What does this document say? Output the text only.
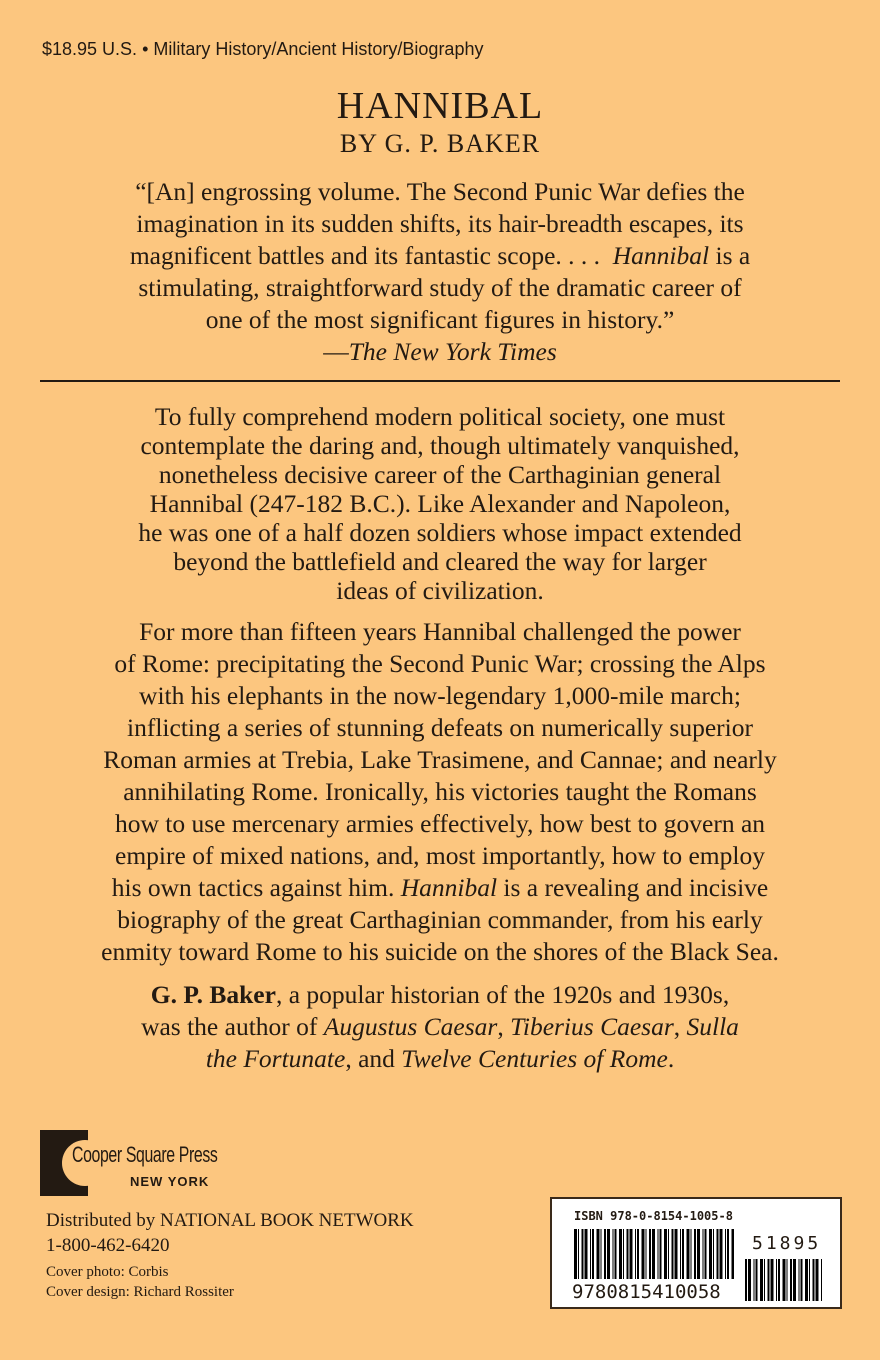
$18.95 U.S. • Military History/Ancient History/Biography
HANNIBAL
BY G. P. BAKER
“[An] engrossing volume. The Second Punic War defies the
imagination in its sudden shifts, its hair-breadth escapes, its
magnificent battles and its fantastic scope. . . .  Hannibal is a
stimulating, straightforward study of the dramatic career of
one of the most significant figures in history.”
—The New York Times
To fully comprehend modern political society, one must
contemplate the daring and, though ultimately vanquished,
nonetheless decisive career of the Carthaginian general
Hannibal (247-182 B.C.). Like Alexander and Napoleon,
he was one of a half dozen soldiers whose impact extended
beyond the battlefield and cleared the way for larger
ideas of civilization.
For more than fifteen years Hannibal challenged the power
of Rome: precipitating the Second Punic War; crossing the Alps
with his elephants in the now-legendary 1,000-mile march;
inflicting a series of stunning defeats on numerically superior
Roman armies at Trebia, Lake Trasimene, and Cannae; and nearly
annihilating Rome. Ironically, his victories taught the Romans
how to use mercenary armies effectively, how best to govern an
empire of mixed nations, and, most importantly, how to employ
his own tactics against him. Hannibal is a revealing and incisive
biography of the great Carthaginian commander, from his early
enmity toward Rome to his suicide on the shores of the Black Sea.
G. P. Baker, a popular historian of the 1920s and 1930s,
was the author of Augustus Caesar, Tiberius Caesar, Sulla
the Fortunate, and Twelve Centuries of Rome.
Cooper Square Press
NEW YORK
Distributed by NATIONAL BOOK NETWORK
1-800-462-6420
Cover photo: Corbis
Cover design: Richard Rossiter
ISBN 978-0-8154-1005-8
51895
9780815410058
